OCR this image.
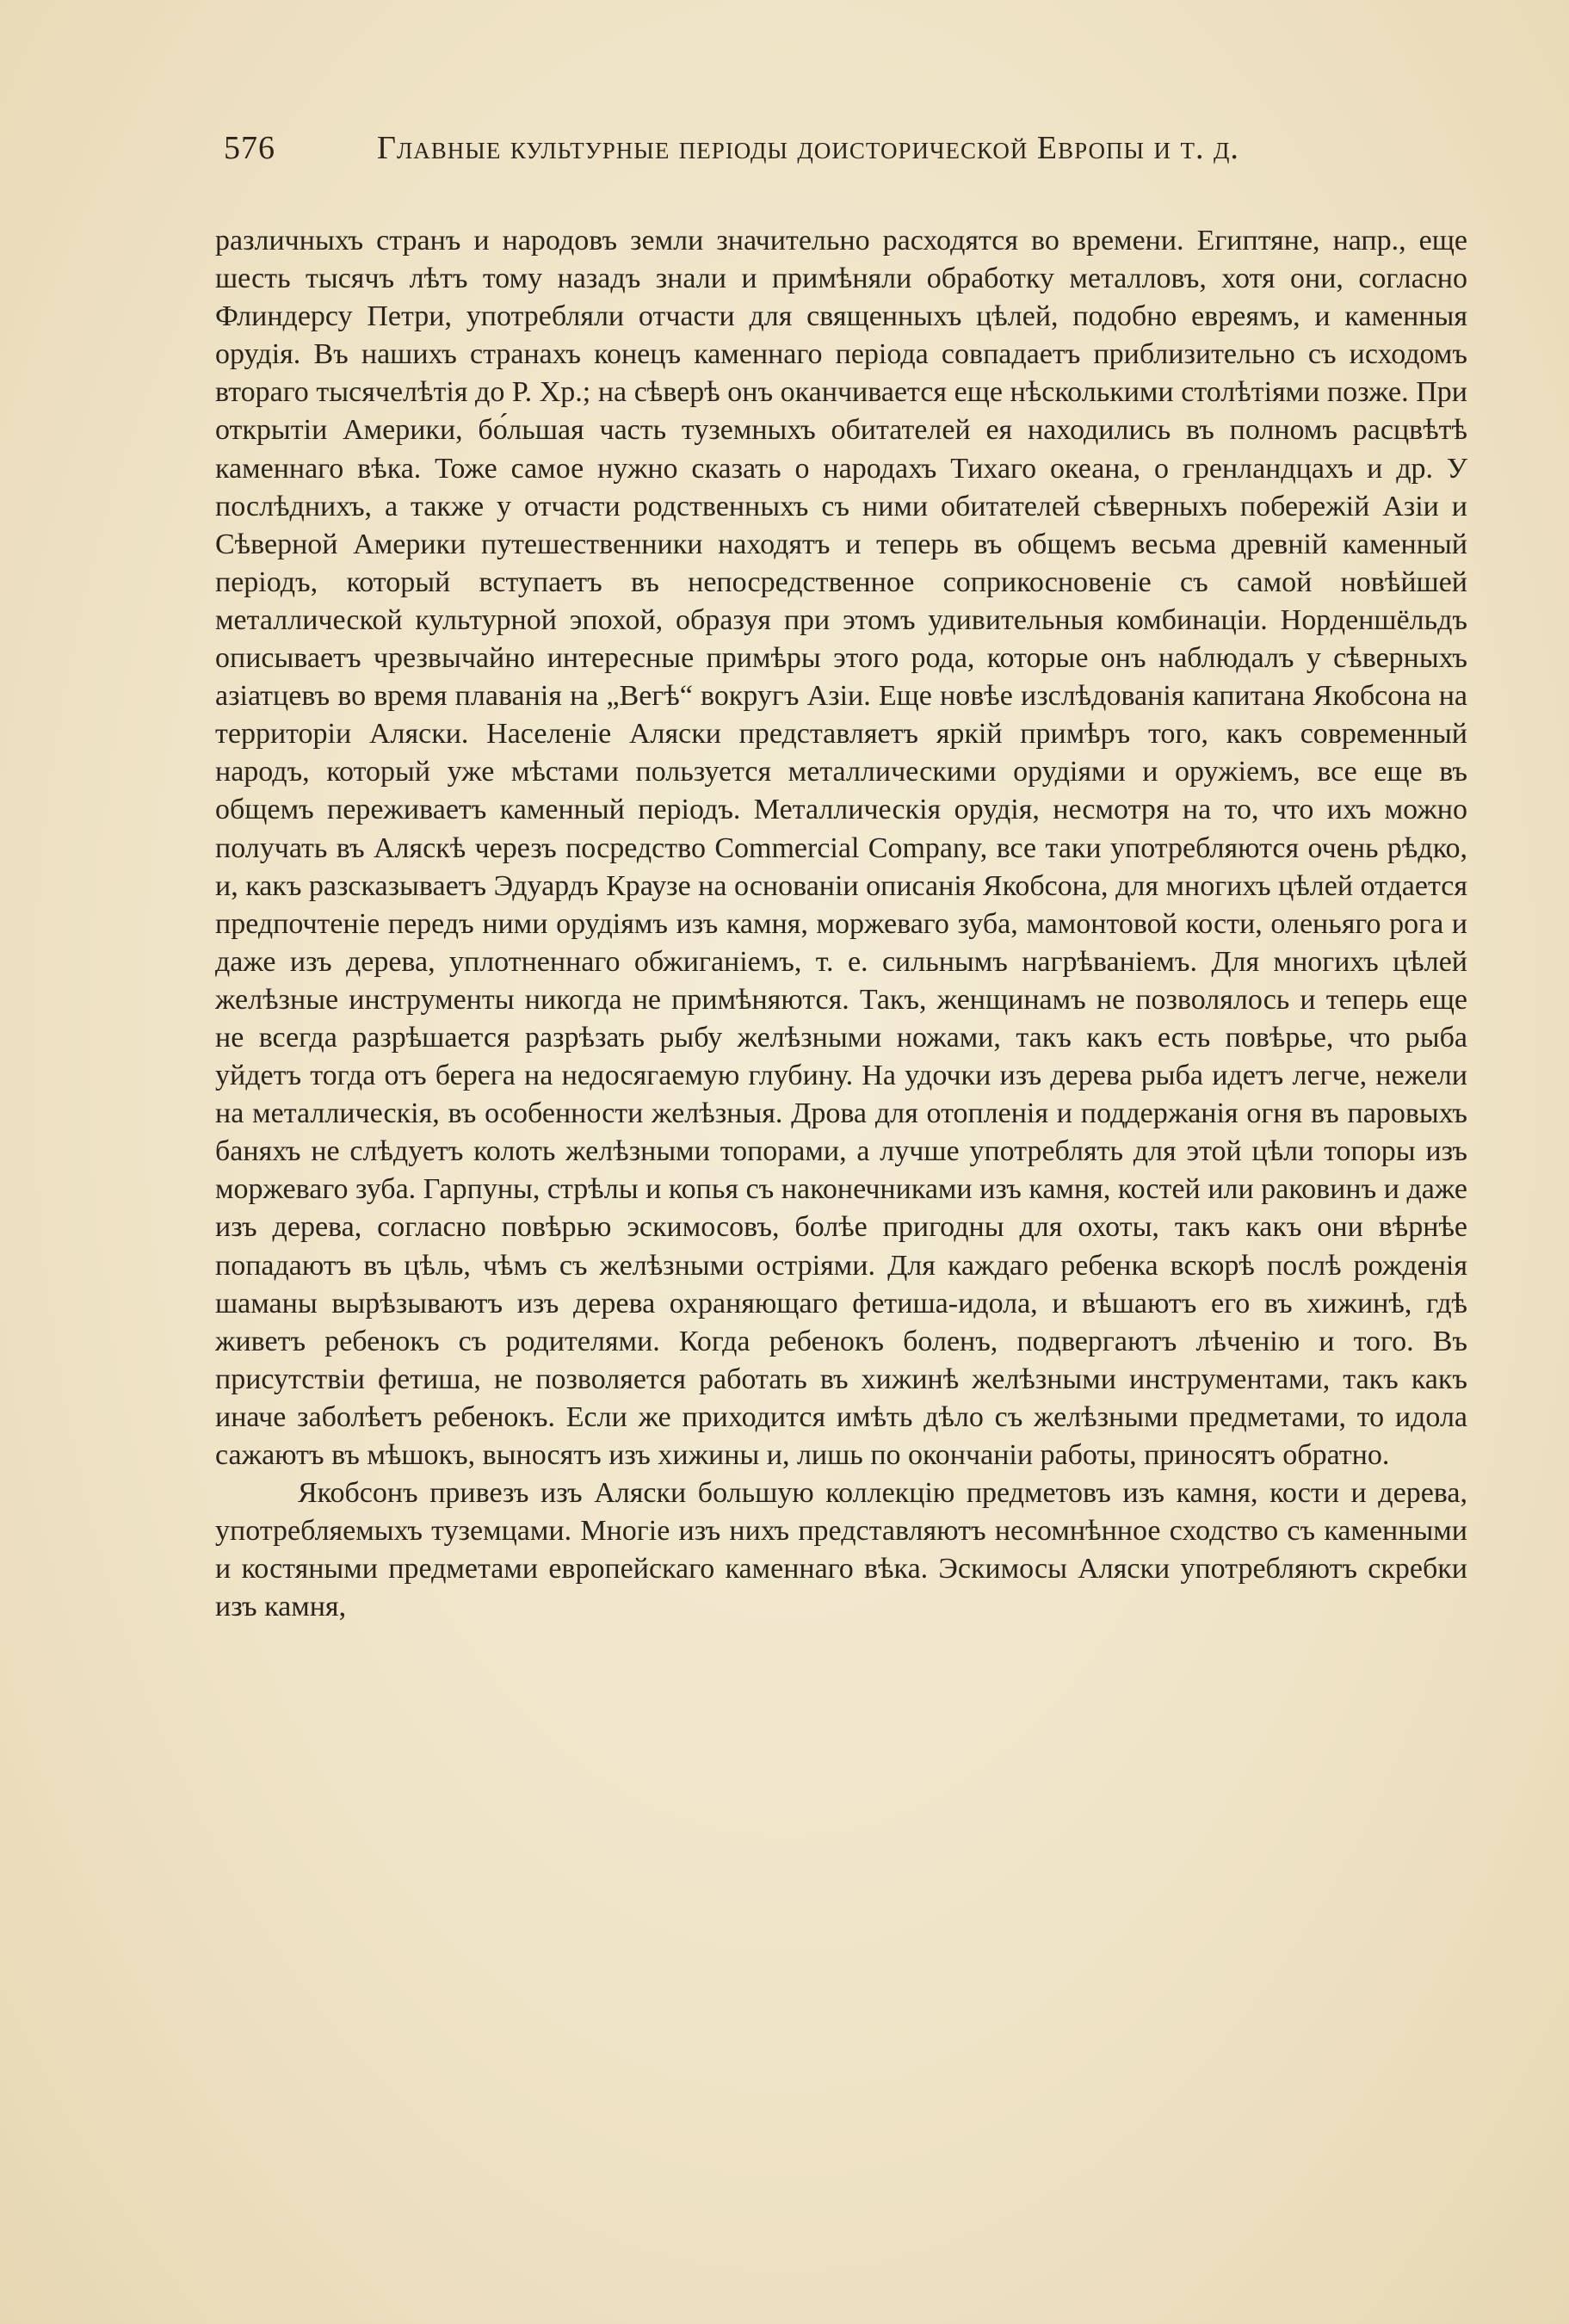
576	Главные культурные періоды доисторической Европы и т. д.

различныхъ странъ и народовъ земли значительно расходятся во времени. Египтяне, напр., еще шесть тысячъ лѣтъ тому назадъ знали и примѣняли обработку металловъ, хотя они, согласно Флиндерсу Петри, употребляли отчасти для священныхъ цѣлей, подобно евреямъ, и каменныя орудія. Въ нашихъ странахъ конецъ каменнаго періода совпадаетъ приблизительно съ исходомъ втораго тысячелѣтія до Р. Хр.; на сѣверѣ онъ оканчивается еще нѣсколькими столѣтіями позже. При открытіи Америки, бо́льшая часть туземныхъ обитателей ея находились въ полномъ расцвѣтѣ каменнаго вѣка. Тоже самое нужно сказать о народахъ Тихаго океана, о гренландцахъ и др. У послѣднихъ, а также у отчасти родственныхъ съ ними обитателей сѣверныхъ побережій Азіи и Сѣверной Америки путешественники находятъ и теперь въ общемъ весьма древній каменный періодъ, который вступаетъ въ непосредственное соприкосновеніе съ самой новѣйшей металлической культурной эпохой, образуя при этомъ удивительныя комбинаціи. Норденшёльдъ описываетъ чрезвычайно интересные примѣры этого рода, которые онъ наблюдалъ у сѣверныхъ азіатцевъ во время плаванія на „Вегѣ“ вокругъ Азіи. Еще новѣе изслѣдованія капитана Якобсона на территоріи Аляски. Населеніе Аляски представляетъ яркій примѣръ того, какъ современный народъ, который уже мѣстами пользуется металлическими орудіями и оружіемъ, все еще въ общемъ переживаетъ каменный періодъ. Металлическія орудія, несмотря на то, что ихъ можно получать въ Аляскѣ черезъ посредство Commercial Company, все таки употребляются очень рѣдко, и, какъ разсказываетъ Эдуардъ Краузе на основаніи описанія Якобсона, для многихъ цѣлей отдается предпочтеніе передъ ними орудіямъ изъ камня, моржеваго зуба, мамонтовой кости, оленьяго рога и даже изъ дерева, уплотненнаго обжиганіемъ, т. е. сильнымъ нагрѣваніемъ. Для многихъ цѣлей желѣзные инструменты никогда не примѣняются. Такъ, женщинамъ не позволялось и теперь еще не всегда разрѣшается разрѣзать рыбу желѣзными ножами, такъ какъ есть повѣрье, что рыба уйдетъ тогда отъ берега на недосягаемую глубину. На удочки изъ дерева рыба идетъ легче, нежели на металлическія, въ особенности желѣзныя. Дрова для отопленія и поддержанія огня въ паровыхъ баняхъ не слѣдуетъ колоть желѣзными топорами, а лучше употреблять для этой цѣли топоры изъ моржеваго зуба. Гарпуны, стрѣлы и копья съ наконечниками изъ камня, костей или раковинъ и даже изъ дерева, согласно повѣрью эскимосовъ, болѣе пригодны для охоты, такъ какъ они вѣрнѣе попадаютъ въ цѣль, чѣмъ съ желѣзными остріями. Для каждаго ребенка вскорѣ послѣ рожденія шаманы вырѣзываютъ изъ дерева охраняющаго фетиша-идола, и вѣшаютъ его въ хижинѣ, гдѣ живетъ ребенокъ съ родителями. Когда ребенокъ боленъ, подвергаютъ лѣченію и того. Въ присутствіи фетиша, не позволяется работать въ хижинѣ желѣзными инструментами, такъ какъ иначе заболѣетъ ребенокъ. Если же приходится имѣть дѣло съ желѣзными предметами, то идола сажаютъ въ мѣшокъ, выносятъ изъ хижины и, лишь по окончаніи работы, приносятъ обратно.

Якобсонъ привезъ изъ Аляски большую коллекцію предметовъ изъ камня, кости и дерева, употребляемыхъ туземцами. Многіе изъ нихъ представляютъ несомнѣнное сходство съ каменными и костяными предметами европейскаго каменнаго вѣка. Эскимосы Аляски употребляютъ скребки изъ камня,
